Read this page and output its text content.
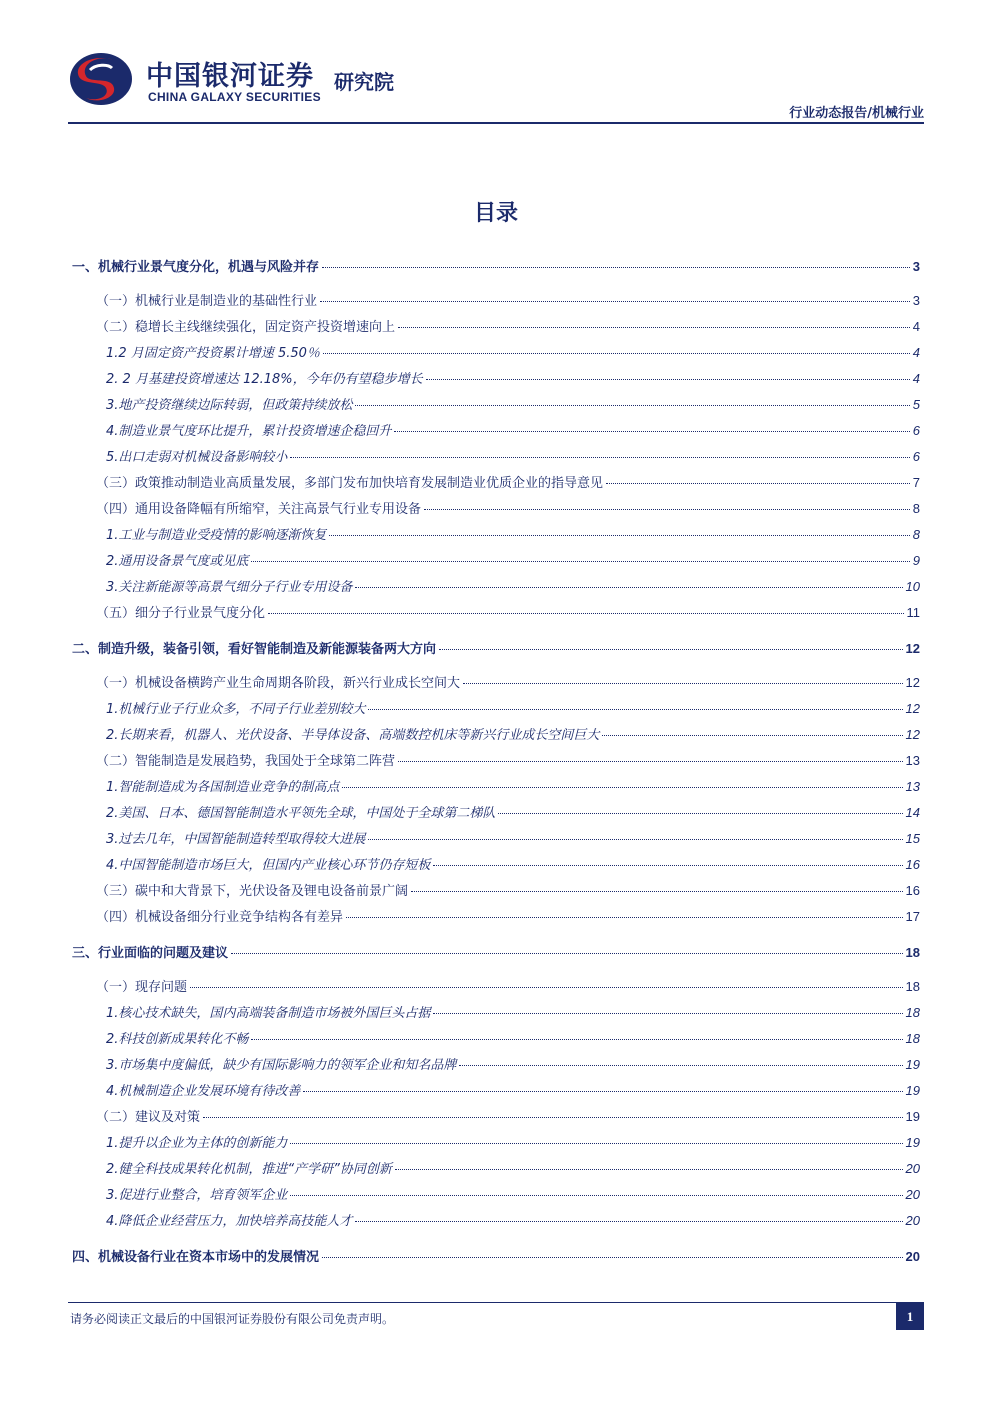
中国银河证券
CHINA GALAXY SECURITIES
研究院
行业动态报告/机械行业
目录
一、机械行业景气度分化，机遇与风险并存	3
（一）机械行业是制造业的基础性行业	3
（二）稳增长主线继续强化，固定资产投资增速向上	4
1.2 月固定资产投资累计增速 5.50％	4
2. 2 月基建投资增速达 12.18%，今年仍有望稳步增长	4
3.地产投资继续边际转弱，但政策持续放松	5
4.制造业景气度环比提升，累计投资增速企稳回升	6
5.出口走弱对机械设备影响较小	6
（三）政策推动制造业高质量发展，多部门发布加快培育发展制造业优质企业的指导意见	7
（四）通用设备降幅有所缩窄，关注高景气行业专用设备	8
1.工业与制造业受疫情的影响逐渐恢复	8
2.通用设备景气度或见底	9
3.关注新能源等高景气细分子行业专用设备	10
（五）细分子行业景气度分化	11
二、制造升级，装备引领，看好智能制造及新能源装备两大方向	12
（一）机械设备横跨产业生命周期各阶段，新兴行业成长空间大	12
1.机械行业子行业众多，不同子行业差别较大	12
2.长期来看，机器人、光伏设备、半导体设备、高端数控机床等新兴行业成长空间巨大	12
（二）智能制造是发展趋势，我国处于全球第二阵营	13
1.智能制造成为各国制造业竞争的制高点	13
2.美国、日本、德国智能制造水平领先全球，中国处于全球第二梯队	14
3.过去几年，中国智能制造转型取得较大进展	15
4.中国智能制造市场巨大，但国内产业核心环节仍存短板	16
（三）碳中和大背景下，光伏设备及锂电设备前景广阔	16
（四）机械设备细分行业竞争结构各有差异	17
三、行业面临的问题及建议	18
（一）现存问题	18
1.核心技术缺失，国内高端装备制造市场被外国巨头占据	18
2.科技创新成果转化不畅	18
3.市场集中度偏低，缺少有国际影响力的领军企业和知名品牌	19
4.机械制造企业发展环境有待改善	19
（二）建议及对策	19
1.提升以企业为主体的创新能力	19
2.健全科技成果转化机制，推进“产学研”协同创新	20
3.促进行业整合，培育领军企业	20
4.降低企业经营压力，加快培养高技能人才	20
四、机械设备行业在资本市场中的发展情况	20
请务必阅读正文最后的中国银河证券股份有限公司免责声明。	1
